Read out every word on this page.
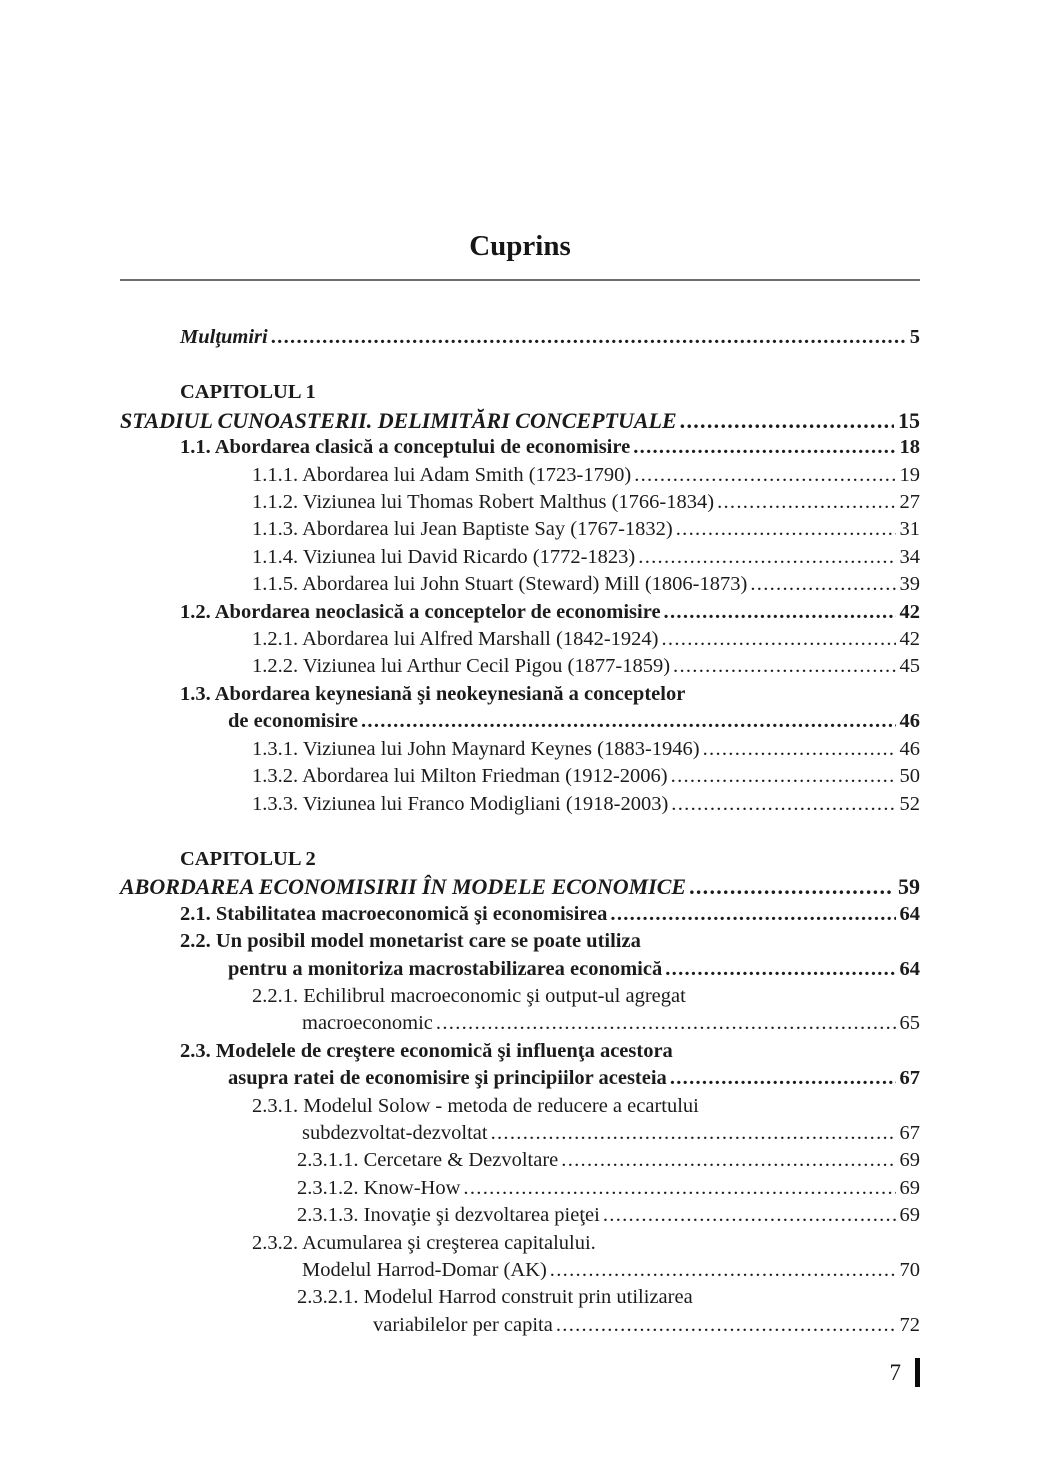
Cuprins
Mulţumiri .....	5
CAPITOLUL 1
STADIUL CUNOASTERII. DELIMITĂRI CONCEPTUALE .....	15
1.1. Abordarea clasică a conceptului de economisire .....	18
1.1.1. Abordarea lui Adam Smith (1723-1790) .....	19
1.1.2. Viziunea lui Thomas Robert Malthus (1766-1834) .....	27
1.1.3. Abordarea lui Jean Baptiste Say (1767-1832) .....	31
1.1.4. Viziunea lui David Ricardo (1772-1823) .....	34
1.1.5. Abordarea lui John Stuart (Steward) Mill (1806-1873) .....	39
1.2. Abordarea neoclasică a conceptelor de economisire .....	42
1.2.1. Abordarea lui Alfred Marshall (1842-1924) .....	42
1.2.2. Viziunea lui Arthur Cecil Pigou (1877-1859) .....	45
1.3. Abordarea keynesiană şi neokeynesiană a conceptelor
de economisire .....	46
1.3.1. Viziunea lui John Maynard Keynes (1883-1946) .....	46
1.3.2. Abordarea lui Milton Friedman (1912-2006) .....	50
1.3.3. Viziunea lui Franco Modigliani (1918-2003) .....	52
CAPITOLUL 2
ABORDAREA ECONOMISIRII ÎN MODELE ECONOMICE .....	59
2.1. Stabilitatea macroeconomică şi economisirea .....	64
2.2. Un posibil model monetarist care se poate utiliza
pentru a monitoriza macrostabilizarea economică .....	64
2.2.1. Echilibrul macroeconomic şi output-ul agregat
macroeconomic .....	65
2.3. Modelele de creştere economică şi influenţa acestora
asupra ratei de economisire şi principiilor acesteia .....	67
2.3.1. Modelul Solow - metoda de reducere a ecartului
subdezvoltat-dezvoltat .....	67
2.3.1.1. Cercetare & Dezvoltare .....	69
2.3.1.2. Know-How .....	69
2.3.1.3. Inovaţie şi dezvoltarea pieţei .....	69
2.3.2. Acumularea şi creşterea capitalului.
Modelul Harrod-Domar (AK) .....	70
2.3.2.1. Modelul Harrod construit prin utilizarea
variabilelor per capita .....	72
7
